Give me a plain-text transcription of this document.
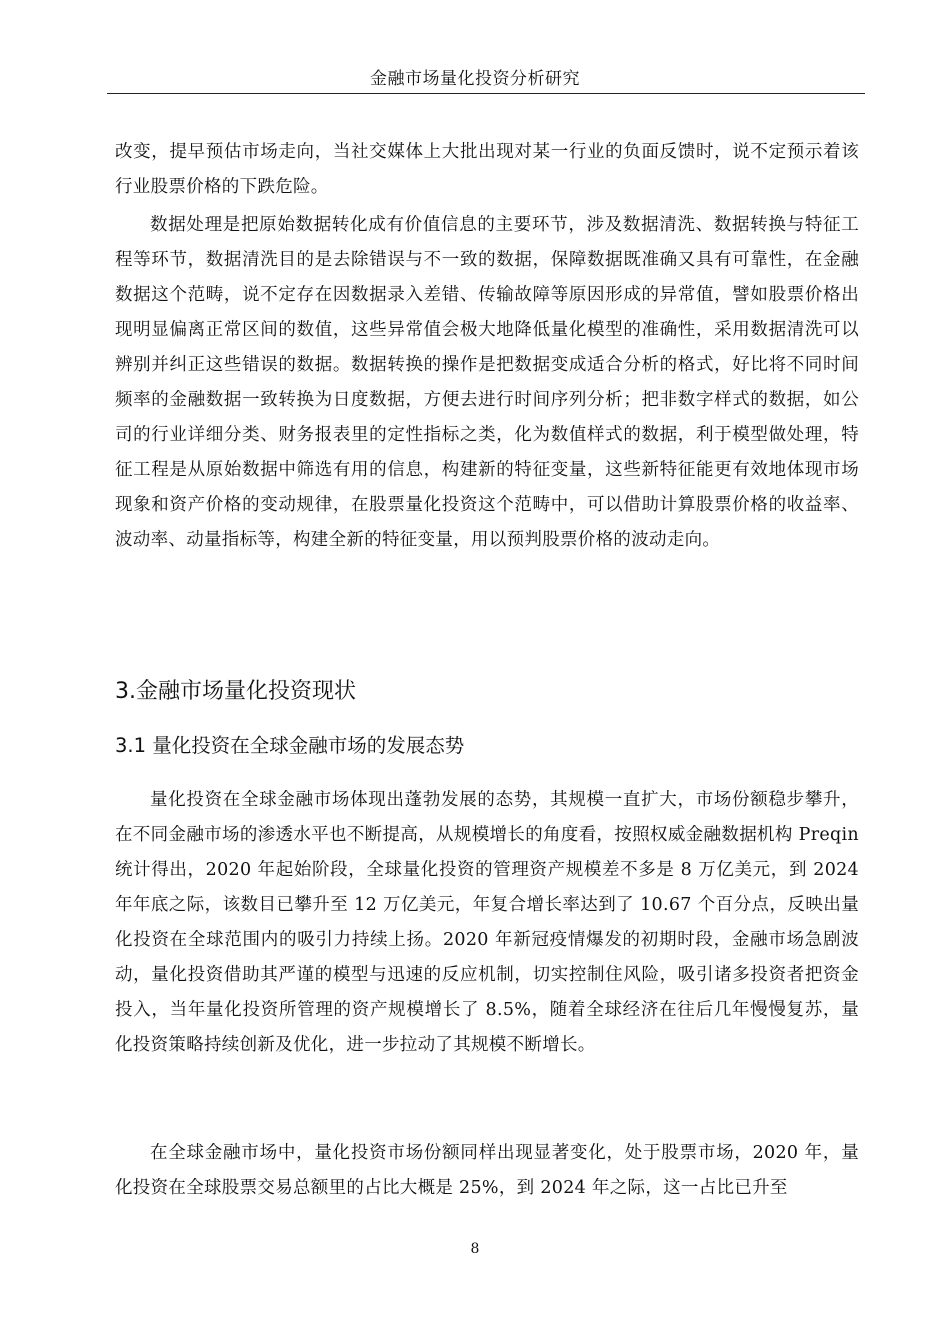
金融市场量化投资分析研究

改变，提早预估市场走向，当社交媒体上大批出现对某一行业的负面反馈时，说不定预示着该行业股票价格的下跌危险。

数据处理是把原始数据转化成有价值信息的主要环节，涉及数据清洗、数据转换与特征工程等环节，数据清洗目的是去除错误与不一致的数据，保障数据既准确又具有可靠性，在金融数据这个范畴，说不定存在因数据录入差错、传输故障等原因形成的异常值，譬如股票价格出现明显偏离正常区间的数值，这些异常值会极大地降低量化模型的准确性，采用数据清洗可以辨别并纠正这些错误的数据。数据转换的操作是把数据变成适合分析的格式，好比将不同时间频率的金融数据一致转换为日度数据，方便去进行时间序列分析；把非数字样式的数据，如公司的行业详细分类、财务报表里的定性指标之类，化为数值样式的数据，利于模型做处理，特征工程是从原始数据中筛选有用的信息，构建新的特征变量，这些新特征能更有效地体现市场现象和资产价格的变动规律，在股票量化投资这个范畴中，可以借助计算股票价格的收益率、波动率、动量指标等，构建全新的特征变量，用以预判股票价格的波动走向。

3.金融市场量化投资现状
3.1 量化投资在全球金融市场的发展态势

量化投资在全球金融市场体现出蓬勃发展的态势，其规模一直扩大，市场份额稳步攀升，在不同金融市场的渗透水平也不断提高，从规模增长的角度看，按照权威金融数据机构 Preqin 统计得出，2020 年起始阶段，全球量化投资的管理资产规模差不多是 8 万亿美元，到 2024 年年底之际，该数目已攀升至 12 万亿美元，年复合增长率达到了 10.67 个百分点，反映出量化投资在全球范围内的吸引力持续上扬。2020 年新冠疫情爆发的初期时段，金融市场急剧波动，量化投资借助其严谨的模型与迅速的反应机制，切实控制住风险，吸引诸多投资者把资金投入，当年量化投资所管理的资产规模增长了 8.5%，随着全球经济在往后几年慢慢复苏，量化投资策略持续创新及优化，进一步拉动了其规模不断增长。

在全球金融市场中，量化投资市场份额同样出现显著变化，处于股票市场，2020 年，量化投资在全球股票交易总额里的占比大概是 25%，到 2024 年之际，这一占比已升至

8
